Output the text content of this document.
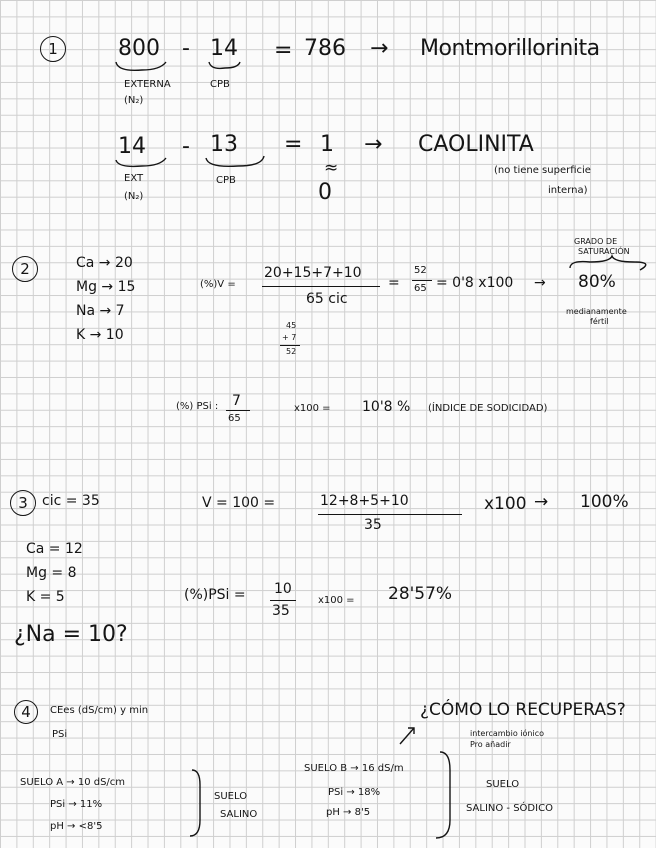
1	800 - 14 = 786 → Montmorillorinita
EXTERNA
(N₂)
CPB
14 - 13 = 1
≈
0
→ CAOLINITA
EXT
(N₂)
CPB
(no tiene superficie
interna)
2	Ca → 20
Mg → 15
Na → 7
K → 10
(%)V =
20+15+7+10
65 cic
=
52
65 = 0'8 x100 → 80%
GRADO DE
SATURACIÓN
medianamente
fértil
45
+ 7
52
(%) PSi : 7
65
x100 = 10'8 % (ÍNDICE DE SODICIDAD)
3 cic = 35
Ca = 12
Mg = 8
K = 5
¿Na = 10?
V = 100 =	12+8+5+10
35
x100 → 100%
(%)PSi = 10
35
x100 = 28'57%
4 CEes (dS/cm) y min
PSi
¿CÓMO LO RECUPERAS?
intercambio iónico
Pro añadir
SUELO A → 10 dS/cm
PSi → 11%
pH → <8'5
SUELO
SALINO
SUELO B → 16 dS/m
PSi → 18%
pH → 8'5
SUELO
SALINO - SÓDICO
